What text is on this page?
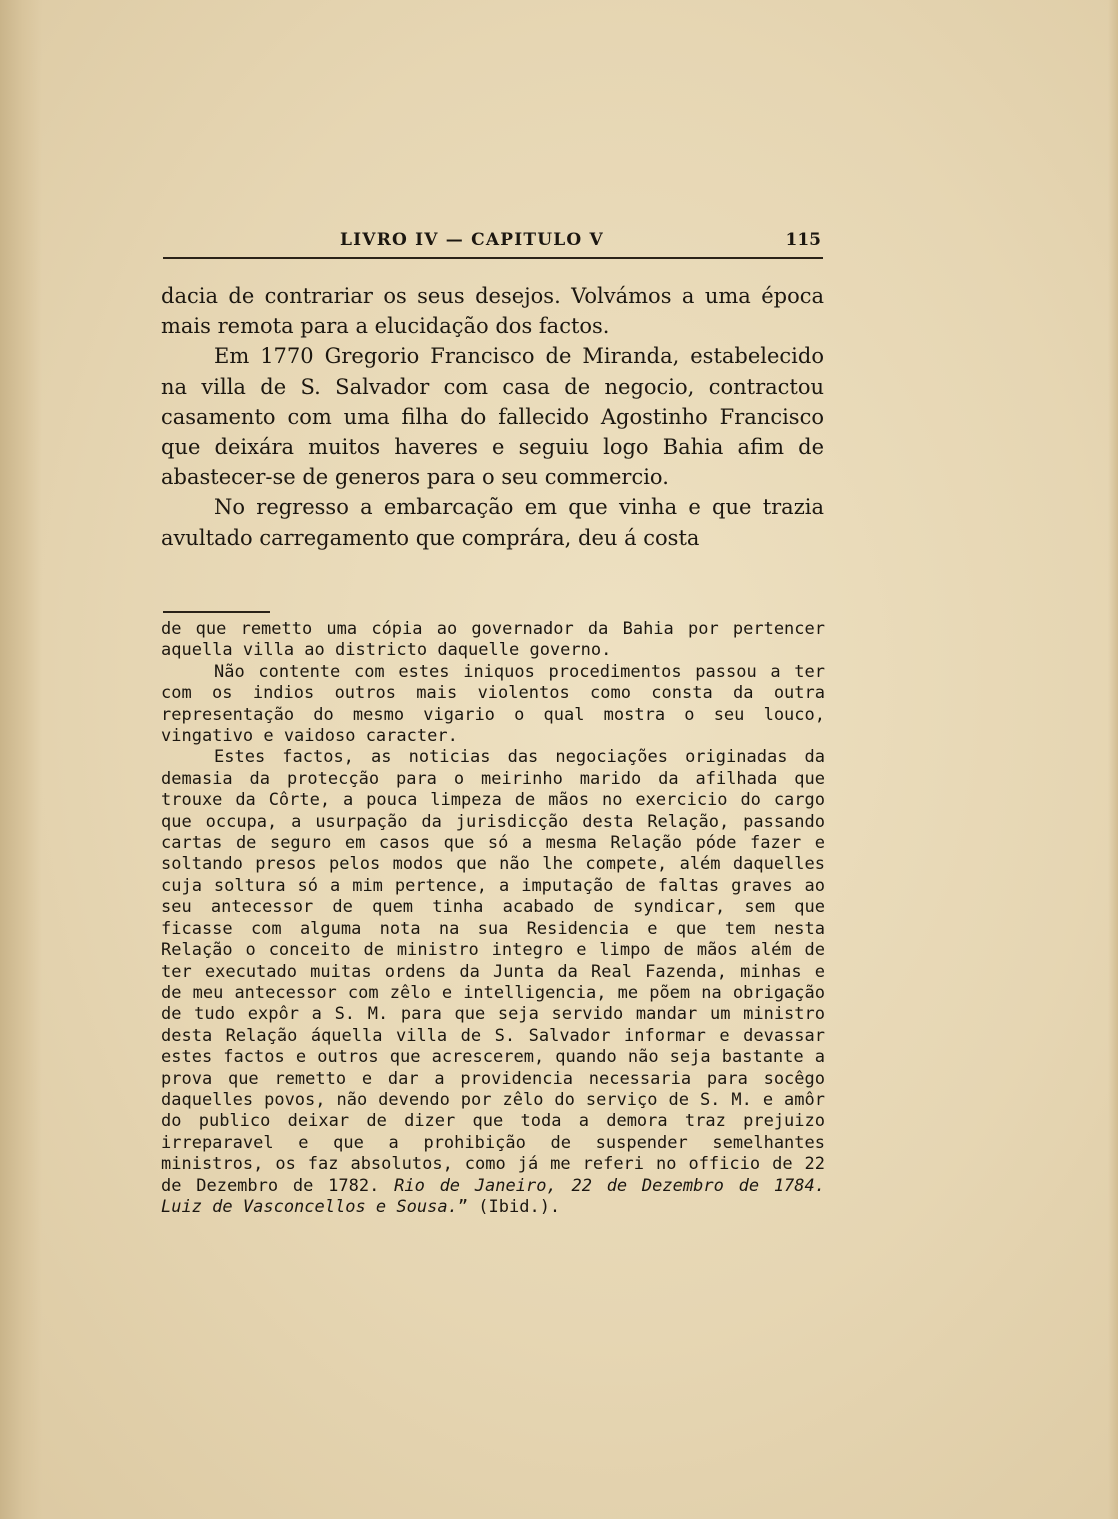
LIVRO IV — CAPITULO V	115

dacia de contrariar os seus desejos. Volvámos a uma época mais remota para a elucidação dos factos.

Em 1770 Gregorio Francisco de Miranda, estabelecido na villa de S. Salvador com casa de negocio, contractou casamento com uma filha do fallecido Agostinho Francisco que deixára muitos haveres e seguiu logo Bahia afim de abastecer-se de generos para o seu commercio.

No regresso a embarcação em que vinha e que trazia avultado carregamento que comprára, deu á costa

de que remetto uma cópia ao governador da Bahia por pertencer aquella villa ao districto daquelle governo.

Não contente com estes iniquos procedimentos passou a ter com os indios outros mais violentos como consta da outra representação do mesmo vigario o qual mostra o seu louco, vingativo e vaidoso caracter.

Estes factos, as noticias das negociações originadas da demasia da protecção para o meirinho marido da afilhada que trouxe da Côrte, a pouca limpeza de mãos no exercicio do cargo que occupa, a usurpação da jurisdicção desta Relação, passando cartas de seguro em casos que só a mesma Relação póde fazer e soltando presos pelos modos que não lhe compete, além daquelles cuja soltura só a mim pertence, a imputação de faltas graves ao seu antecessor de quem tinha acabado de syndicar, sem que ficasse com alguma nota na sua Residencia e que tem nesta Relação o conceito de ministro integro e limpo de mãos além de ter executado muitas ordens da Junta da Real Fazenda, minhas e de meu antecessor com zêlo e intelligencia, me põem na obrigação de tudo expôr a S. M. para que seja servido mandar um ministro desta Relação áquella villa de S. Salvador informar e devassar estes factos e outros que acrescerem, quando não seja bastante a prova que remetto e dar a providencia necessaria para socêgo daquelles povos, não devendo por zêlo do serviço de S. M. e amôr do publico deixar de dizer que toda a demora traz prejuizo irreparavel e que a prohibição de suspender semelhantes ministros, os faz absolutos, como já me referi no officio de 22 de Dezembro de 1782. Rio de Janeiro, 22 de Dezembro de 1784. Luiz de Vasconcellos e Sousa.” (Ibid.).
